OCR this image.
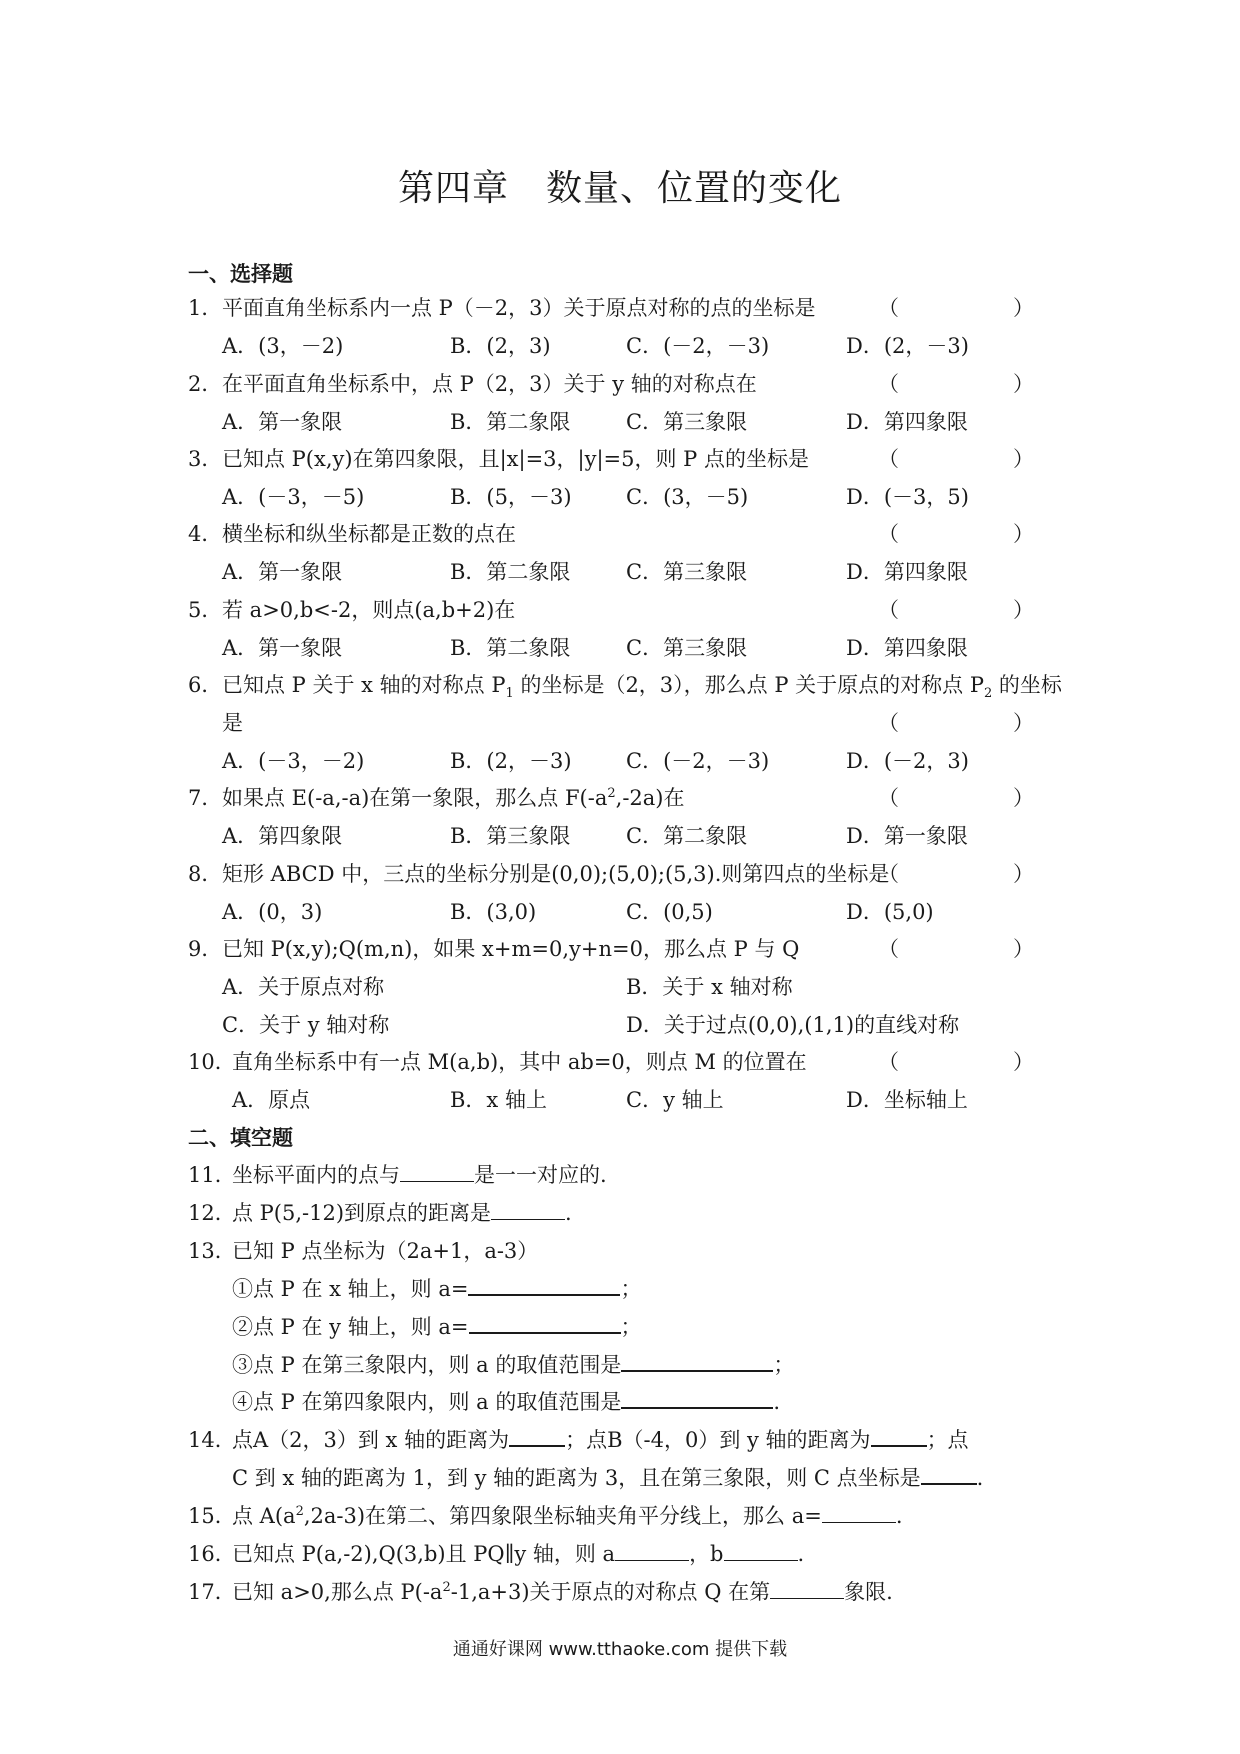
第四章　数量、位置的变化
一、选择题
1． 平面直角坐标系内一点 P（－2，3）关于原点对称的点的坐标是	（　　）
A．(3，－2)	B．(2，3)	C．(－2，－3)	D．(2，－3)
2． 在平面直角坐标系中，点 P（2，3）关于 y 轴的对称点在	（　　）
A．第一象限	B．第二象限	C．第三象限	D．第四象限
3． 已知点 P(x,y)在第四象限，且|x|=3，|y|=5，则 P 点的坐标是	（　　）
A．(－3，－5)	B．(5，－3)	C．(3，－5)	D．(－3，5)
4． 横坐标和纵坐标都是正数的点在	（　　）
A．第一象限	B．第二象限	C．第三象限	D．第四象限
5． 若 a>0,b<-2，则点(a,b+2)在	（　　）
A．第一象限	B．第二象限	C．第三象限	D．第四象限
6． 已知点 P 关于 x 轴的对称点 $P_1$ 的坐标是（2，3），那么点 P 关于原点的对称点 $P_2$ 的坐标
是	（　　）
A．(－3，－2)	B．(2，－3)	C．(－2，－3)	D．(－2，3)
7． 如果点 E(-a,-a)在第一象限，那么点 $F(-a^2,-2a)$在	（　　）
A．第四象限	B．第三象限	C．第二象限	D．第一象限
8． 矩形 ABCD 中，三点的坐标分别是(0,0);(5,0);(5,3).则第四点的坐标是
（　　）
A．(0，3)	B．(3,0)	C．(0,5)	D．(5,0)
9． 已知 P(x,y);Q(m,n)，如果 x+m=0,y+n=0，那么点 P 与 Q	（　　）
A．关于原点对称	B．关于 x 轴对称
C．关于 y 轴对称	D．关于过点(0,0),(1,1)的直线对称
10．
直角坐标系中有一点 M(a,b)，其中 ab=0，则点 M 的位置在	（　　）
A．原点	B．x 轴上	C．y 轴上	D．坐标轴上
二、填空题
11．
坐标平面内的点与	是一一对应的.
12．
点 P(5,-12)到原点的距离是	.
13．
已知 P 点坐标为（2a+1，a-3）
①点 P 在 x 轴上，则 a=	；
②点 P 在 y 轴上，则 a=	；
③点 P 在第三象限内，则 a 的取值范围是	；
④点 P 在第四象限内，则 a 的取值范围是	.
14．
点A（2，3）到 x 轴的距离为	；点B（-4，0）到 y 轴的距离为	；点
C 到 x 轴的距离为 1，到 y 轴的距离为 3，且在第三象限，则 C 点坐标是	.
15．
点 $A(a^2,2a-3)$在第二、第四象限坐标轴夹角平分线上，那么 a=	.
16．
已知点 P(a,-2),Q(3,b)且 PQ∥y 轴，则 a	，b	.
17．
已知 a>0,那么点 $P(-a^2-1,a+3)$关于原点的对称点 Q 在第	象限.
通通好课网 www.tthaoke.com 提供下载
